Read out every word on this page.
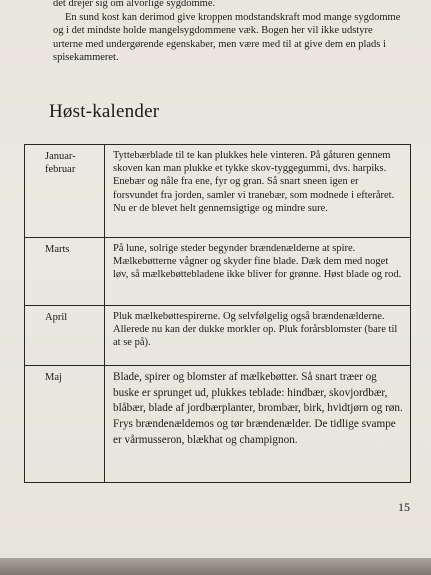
det drejer sig om alvorlige sygdomme.

En sund kost kan derimod give kroppen modstandskraft mod mange sygdomme og i det mindste holde mangelsygdommene væk. Bogen her vil ikke udstyre urterne med undergørende egenskaber, men være med til at give dem en plads i spisekammeret.

Høst-kalender
Januar-februar	Tyttebærblade til te kan plukkes hele vinteren. På gåturen gennem skoven kan man plukke et tykke skov-tyggegummi, dvs. harpiks. Enebær og nåle fra ene, fyr og gran. Så snart sneen igen er forsvundet fra jorden, samler vi tranebær, som modnede i efteråret. Nu er de blevet helt gennemsigtige og mindre sure.
Marts	På lune, solrige steder begynder brændenælderne at spire. Mælkebøtterne vågner og skyder fine blade. Dæk dem med noget løv, så mælkebøttebladene ikke bliver for grønne. Høst blade og rod.
April	Pluk mælkebøttespirerne. Og selvfølgelig også brændenælderne. Allerede nu kan der dukke morkler op. Pluk forårsblomster (bare til at se på).
Maj	Blade, spirer og blomster af mælkebøtter. Så snart træer og buske er sprunget ud, plukkes teblade: hindbær, skovjordbær, blåbær, blade af jordbærplanter, brombær, birk, hvidtjørn og røn. Frys brændenældemos og tør brændenælder. De tidlige svampe er vårmusseron, blækhat og champignon.
15
